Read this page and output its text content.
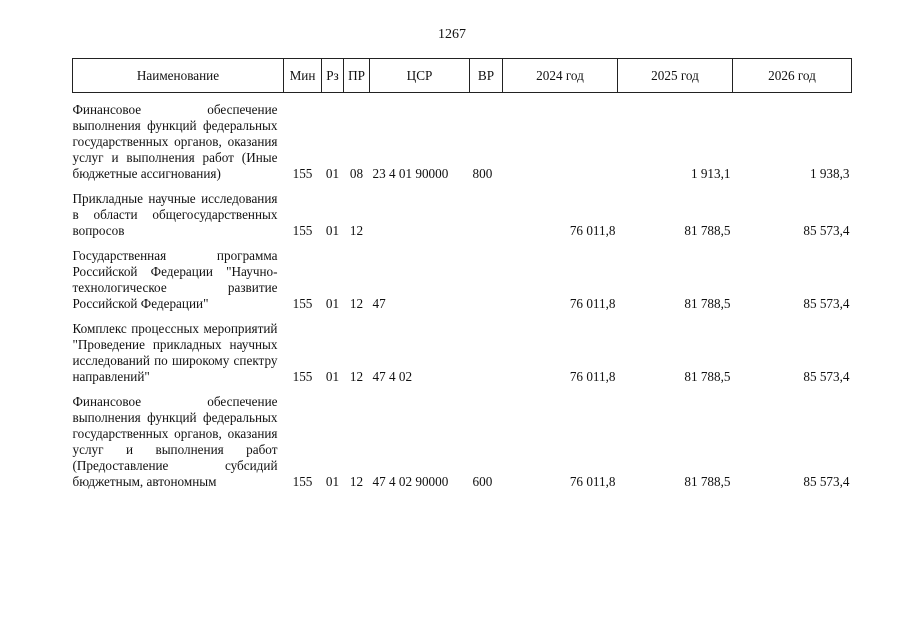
1267
Наименование	Мин	Рз	ПР	ЦСР	ВР	2024 год	2025 год	2026 год
Финансовое обеспечение выполнения функций федеральных государственных органов, оказания услуг и выполнения работ (Иные бюджетные ассигнования)	155	01	08	23 4 01 90000	800		1 913,1	1 938,3
Прикладные научные исследования в области общегосударственных вопросов	155	01	12			76 011,8	81 788,5	85 573,4
Государственная программа Российской Федерации "Научно-технологическое развитие Российской Федерации"	155	01	12	47		76 011,8	81 788,5	85 573,4
Комплекс процессных мероприятий "Проведение прикладных научных исследований по широкому спектру направлений"	155	01	12	47 4 02		76 011,8	81 788,5	85 573,4
Финансовое обеспечение выполнения функций федеральных государственных органов, оказания услуг и выполнения работ (Предоставление субсидий бюджетным, автономным	155	01	12	47 4 02 90000	600	76 011,8	81 788,5	85 573,4
